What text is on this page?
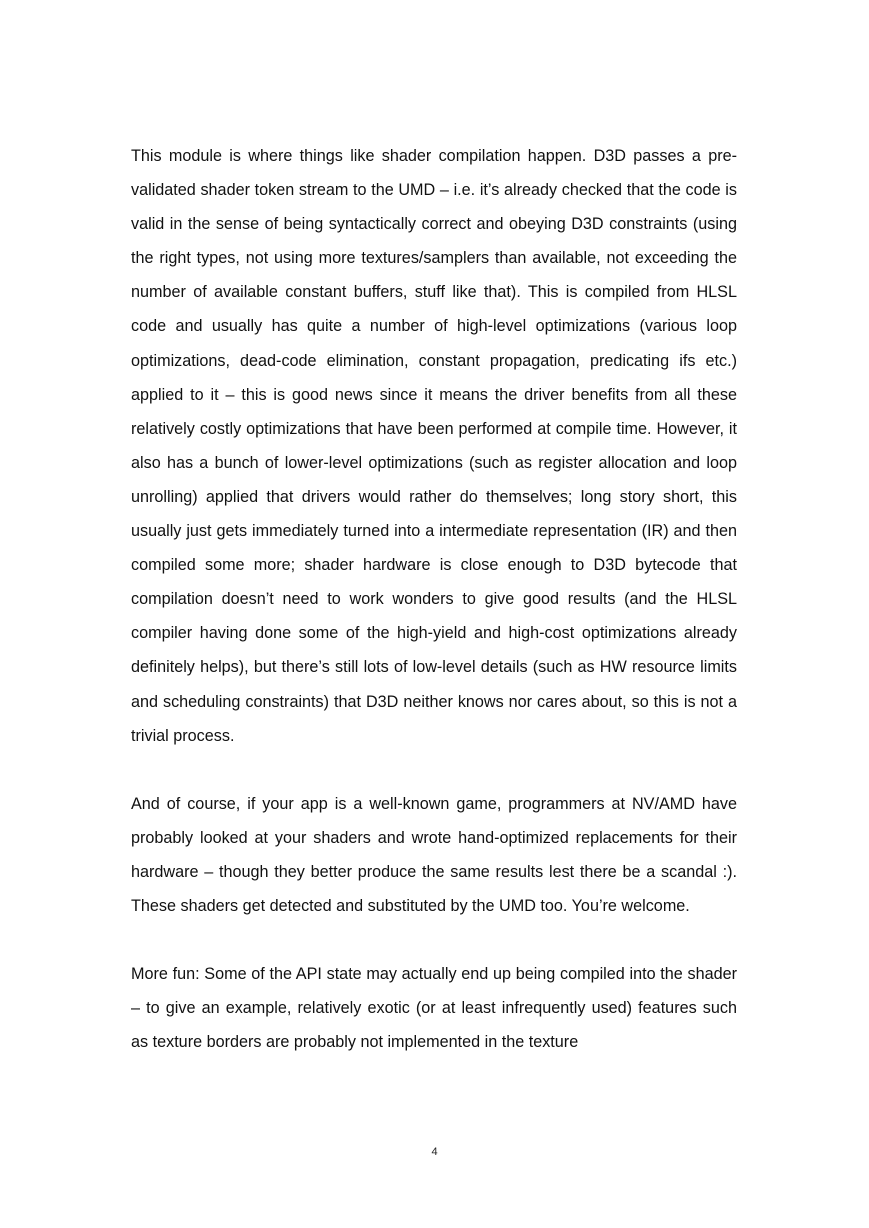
This module is where things like shader compilation happen. D3D passes a pre-validated shader token stream to the UMD – i.e. it’s already checked that the code is valid in the sense of being syntactically correct and obeying D3D constraints (using the right types, not using more textures/samplers than available, not exceeding the number of available constant buffers, stuff like that). This is compiled from HLSL code and usually has quite a number of high-level optimizations (various loop optimizations, dead-code elimination, constant propagation, predicating ifs etc.) applied to it – this is good news since it means the driver benefits from all these relatively costly optimizations that have been performed at compile time. However, it also has a bunch of lower-level optimizations (such as register allocation and loop unrolling) applied that drivers would rather do themselves; long story short, this usually just gets immediately turned into a intermediate representation (IR) and then compiled some more; shader hardware is close enough to D3D bytecode that compilation doesn’t need to work wonders to give good results (and the HLSL compiler having done some of the high-yield and high-cost optimizations already definitely helps), but there’s still lots of low-level details (such as HW resource limits and scheduling constraints) that D3D neither knows nor cares about, so this is not a trivial process.

And of course, if your app is a well-known game, programmers at NV/AMD have probably looked at your shaders and wrote hand-optimized replacements for their hardware – though they better produce the same results lest there be a scandal :). These shaders get detected and substituted by the UMD too. You’re welcome.

More fun: Some of the API state may actually end up being compiled into the shader – to give an example, relatively exotic (or at least infrequently used) features such as texture borders are probably not implemented in the texture

4
